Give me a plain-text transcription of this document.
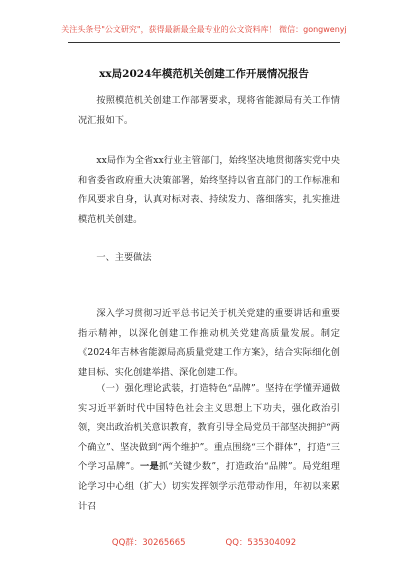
关注头条号"公文研究"，获得最新最全最专业的公文资料库！ 微信：gongwenyj
xx局2024年模范机关创建工作开展情况报告

按照模范机关创建工作部署要求，现将省能源局有关工作情况汇报如下。

xx局作为全省xx行业主管部门，始终坚决地贯彻落实党中央和省委省政府重大决策部署，始终坚持以省直部门的工作标准和作风要求自身，认真对标对表、持续发力、落细落实，扎实推进模范机关创建。

一、主要做法

深入学习贯彻习近平总书记关于机关党建的重要讲话和重要指示精神，以深化创建工作推动机关党建高质量发展。制定《2024年吉林省能源局高质量党建工作方案》，结合实际细化创建目标、实化创建举措、深化创建工作。

（一）强化理论武装，打造特色“品牌”。坚持在学懂弄通做实习近平新时代中国特色社会主义思想上下功夫，强化政治引领，突出政治机关意识教育，教育引导全局党员干部坚决拥护“两个确立”、坚决做到“两个维护”。重点围绕“三个群体”，打造“三个学习品牌”。一是抓“关键少数”，打造政治“品牌”。局党组理论学习中心组（扩大）切实发挥领学示范带动作用，年初以来累计召

QQ群：30265665	QQ：535304092
